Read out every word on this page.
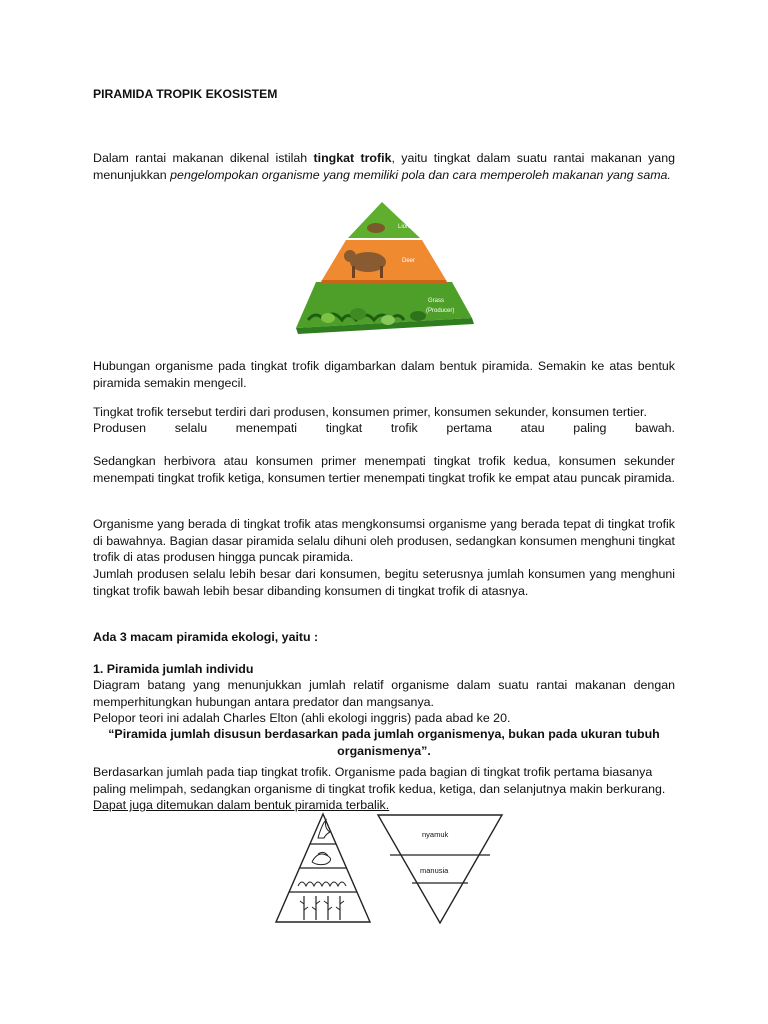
PIRAMIDA TROPIK EKOSISTEM

Dalam rantai makanan dikenal istilah tingkat trofik, yaitu tingkat dalam suatu rantai makanan yang menunjukkan pengelompokan organisme yang memiliki pola dan cara memperoleh makanan yang sama.

Lion
Deer
Grass
(Producer)

Hubungan organisme pada tingkat trofik digambarkan dalam bentuk piramida. Semakin ke atas bentuk piramida semakin mengecil.

Tingkat trofik tersebut terdiri dari produsen, konsumen primer, konsumen sekunder, konsumen tertier.

Produsen selalu menempati tingkat trofik pertama atau paling bawah.

Sedangkan herbivora atau konsumen primer menempati tingkat trofik kedua, konsumen sekunder menempati tingkat trofik ketiga, konsumen tertier menempati tingkat trofik ke empat atau puncak piramida.

Organisme yang berada di tingkat trofik atas mengkonsumsi organisme yang berada tepat di tingkat trofik di bawahnya. Bagian dasar piramida selalu dihuni oleh produsen, sedangkan konsumen menghuni tingkat trofik di atas produsen hingga puncak piramida.

Jumlah produsen selalu lebih besar dari konsumen, begitu seterusnya jumlah konsumen yang menghuni tingkat trofik bawah lebih besar dibanding konsumen di tingkat trofik di atasnya.

Ada 3 macam piramida ekologi, yaitu :

1. Piramida jumlah individu

Diagram batang yang menunjukkan jumlah relatif organisme dalam suatu rantai makanan dengan memperhitungkan hubungan antara predator dan mangsanya.

Pelopor teori ini adalah Charles Elton (ahli ekologi inggris) pada abad ke 20.

“Piramida jumlah disusun berdasarkan pada jumlah organismenya, bukan pada ukuran tubuh organismenya”.

Berdasarkan jumlah pada tiap tingkat trofik. Organisme pada bagian di tingkat trofik pertama biasanya paling melimpah, sedangkan organisme di tingkat trofik kedua, ketiga, dan selanjutnya makin berkurang. Dapat juga ditemukan dalam bentuk piramida terbalik.

nyamuk
manusia
